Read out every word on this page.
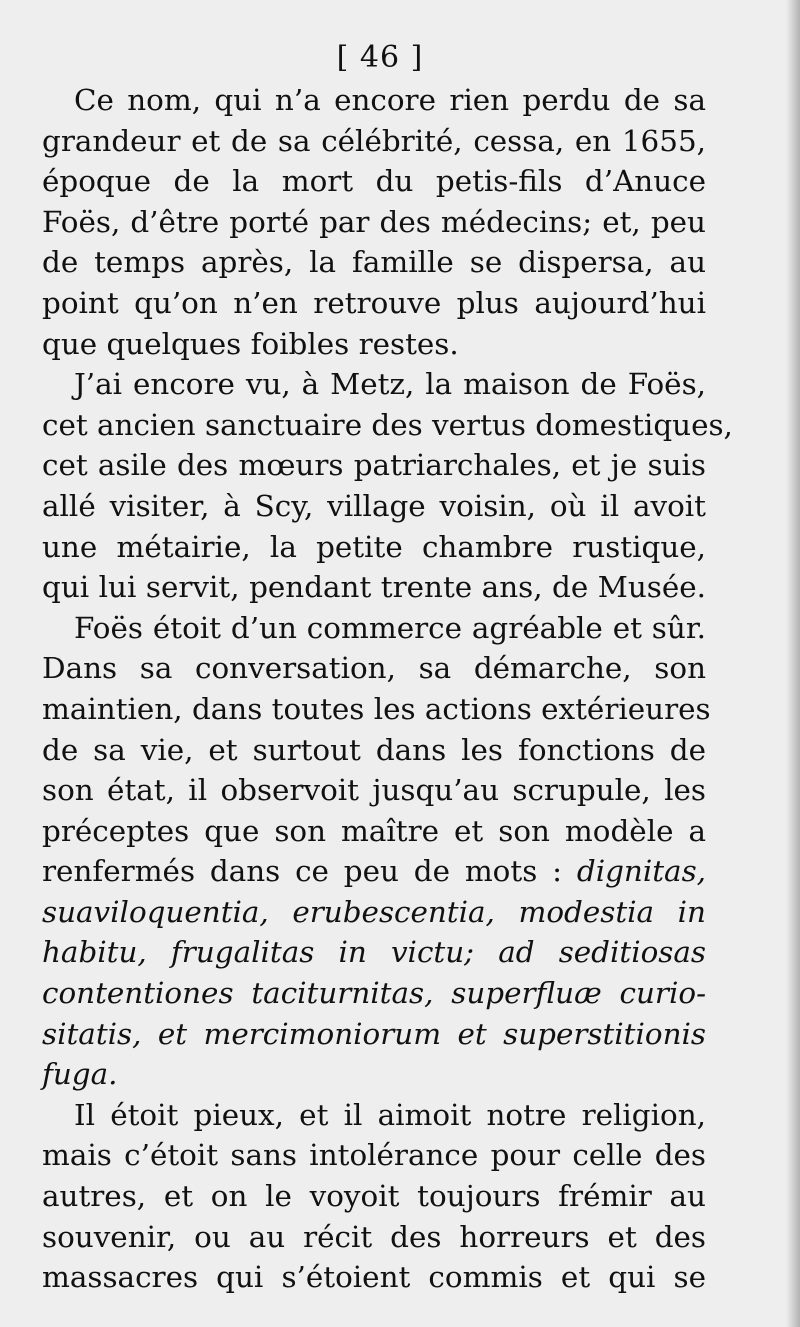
[ 46 ]
Ce nom, qui n’a encore rien perdu de sa
grandeur et de sa célébrité, cessa, en 1655,
époque de la mort du petis-fils d’Anuce
Foës, d’être porté par des médecins; et, peu
de temps après, la famille se dispersa, au
point qu’on n’en retrouve plus aujourd’hui
que quelques foibles restes.
J’ai encore vu, à Metz, la maison de Foës,
cet ancien sanctuaire des vertus domestiques,
cet asile des mœurs patriarchales, et je suis
allé visiter, à Scy, village voisin, où il avoit
une métairie, la petite chambre rustique,
qui lui servit, pendant trente ans, de Musée.
Foës étoit d’un commerce agréable et sûr.
Dans sa conversation, sa démarche, son
maintien, dans toutes les actions extérieures
de sa vie, et surtout dans les fonctions de
son état, il observoit jusqu’au scrupule, les
préceptes que son maître et son modèle a
renfermés dans ce peu de mots : dignitas,
suaviloquentia, erubescentia, modestia in
habitu, frugalitas in victu; ad seditiosas
contentiones taciturnitas, superfluæ curio-
sitatis, et mercimoniorum et superstitionis
fuga.
Il étoit pieux, et il aimoit notre religion,
mais c’étoit sans intolérance pour celle des
autres, et on le voyoit toujours frémir au
souvenir, ou au récit des horreurs et des
massacres qui s’étoient commis et qui se
